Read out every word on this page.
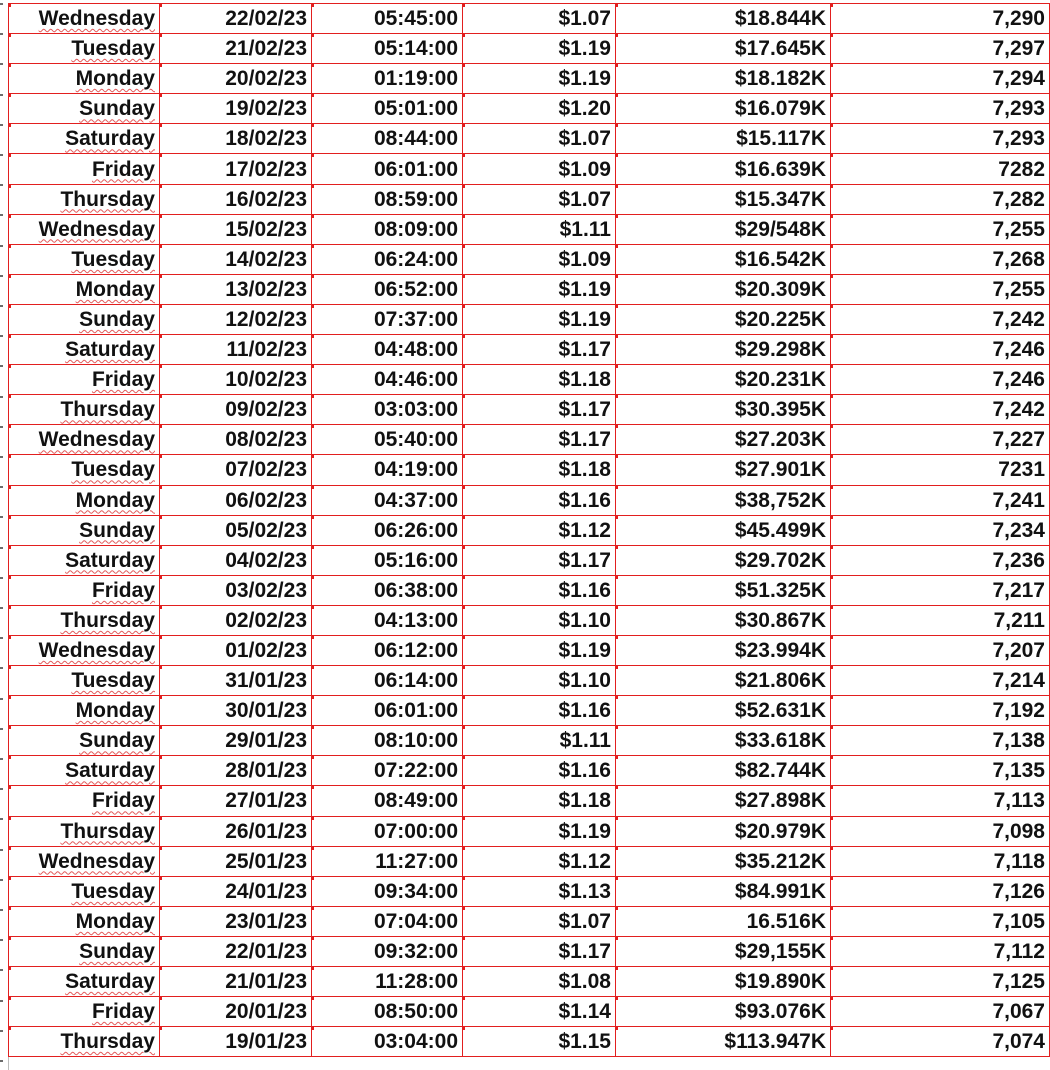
Wednesday	22/02/23	05:45:00	$1.07	$18.844K	7,290
Tuesday	21/02/23	05:14:00	$1.19	$17.645K	7,297
Monday	20/02/23	01:19:00	$1.19	$18.182K	7,294
Sunday	19/02/23	05:01:00	$1.20	$16.079K	7,293
Saturday	18/02/23	08:44:00	$1.07	$15.117K	7,293
Friday	17/02/23	06:01:00	$1.09	$16.639K	7282
Thursday	16/02/23	08:59:00	$1.07	$15.347K	7,282
Wednesday	15/02/23	08:09:00	$1.11	$29/548K	7,255
Tuesday	14/02/23	06:24:00	$1.09	$16.542K	7,268
Monday	13/02/23	06:52:00	$1.19	$20.309K	7,255
Sunday	12/02/23	07:37:00	$1.19	$20.225K	7,242
Saturday	11/02/23	04:48:00	$1.17	$29.298K	7,246
Friday	10/02/23	04:46:00	$1.18	$20.231K	7,246
Thursday	09/02/23	03:03:00	$1.17	$30.395K	7,242
Wednesday	08/02/23	05:40:00	$1.17	$27.203K	7,227
Tuesday	07/02/23	04:19:00	$1.18	$27.901K	7231
Monday	06/02/23	04:37:00	$1.16	$38,752K	7,241
Sunday	05/02/23	06:26:00	$1.12	$45.499K	7,234
Saturday	04/02/23	05:16:00	$1.17	$29.702K	7,236
Friday	03/02/23	06:38:00	$1.16	$51.325K	7,217
Thursday	02/02/23	04:13:00	$1.10	$30.867K	7,211
Wednesday	01/02/23	06:12:00	$1.19	$23.994K	7,207
Tuesday	31/01/23	06:14:00	$1.10	$21.806K	7,214
Monday	30/01/23	06:01:00	$1.16	$52.631K	7,192
Sunday	29/01/23	08:10:00	$1.11	$33.618K	7,138
Saturday	28/01/23	07:22:00	$1.16	$82.744K	7,135
Friday	27/01/23	08:49:00	$1.18	$27.898K	7,113
Thursday	26/01/23	07:00:00	$1.19	$20.979K	7,098
Wednesday	25/01/23	11:27:00	$1.12	$35.212K	7,118
Tuesday	24/01/23	09:34:00	$1.13	$84.991K	7,126
Monday	23/01/23	07:04:00	$1.07	16.516K	7,105
Sunday	22/01/23	09:32:00	$1.17	$29,155K	7,112
Saturday	21/01/23	11:28:00	$1.08	$19.890K	7,125
Friday	20/01/23	08:50:00	$1.14	$93.076K	7,067
Thursday	19/01/23	03:04:00	$1.15	$113.947K	7,074
